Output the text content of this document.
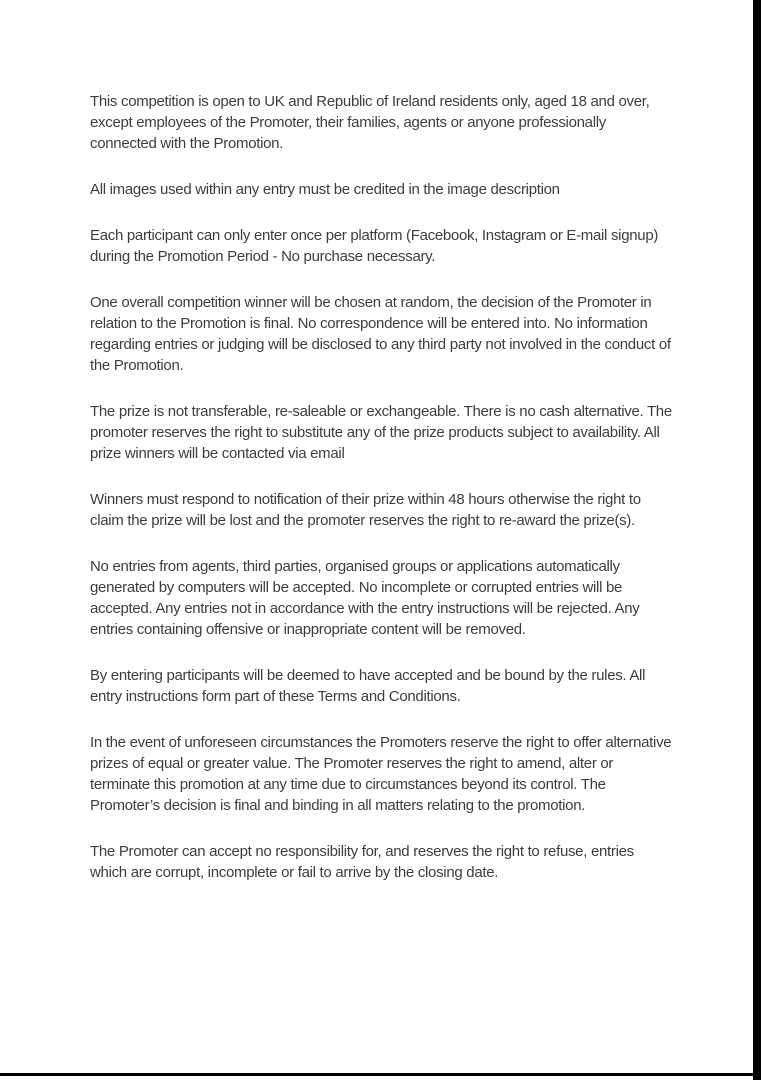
This competition is open to UK and Republic of Ireland residents only, aged 18 and over, except employees of the Promoter, their families, agents or anyone professionally connected with the Promotion.

All images used within any entry must be credited in the image description

Each participant can only enter once per platform (Facebook, Instagram or E-mail signup) during the Promotion Period - No purchase necessary.

One overall competition winner will be chosen at random, the decision of the Promoter in relation to the Promotion is final. No correspondence will be entered into. No information regarding entries or judging will be disclosed to any third party not involved in the conduct of the Promotion.

The prize is not transferable, re-saleable or exchangeable. There is no cash alternative. The promoter reserves the right to substitute any of the prize products subject to availability. All prize winners will be contacted via email

Winners must respond to notification of their prize within 48 hours otherwise the right to claim the prize will be lost and the promoter reserves the right to re-award the prize(s).

No entries from agents, third parties, organised groups or applications automatically generated by computers will be accepted. No incomplete or corrupted entries will be accepted. Any entries not in accordance with the entry instructions will be rejected. Any entries containing offensive or inappropriate content will be removed.

By entering participants will be deemed to have accepted and be bound by the rules. All entry instructions form part of these Terms and Conditions.

In the event of unforeseen circumstances the Promoters reserve the right to offer alternative prizes of equal or greater value. The Promoter reserves the right to amend, alter or terminate this promotion at any time due to circumstances beyond its control. The Promoter’s decision is final and binding in all matters relating to the promotion.

The Promoter can accept no responsibility for, and reserves the right to refuse, entries which are corrupt, incomplete or fail to arrive by the closing date.
